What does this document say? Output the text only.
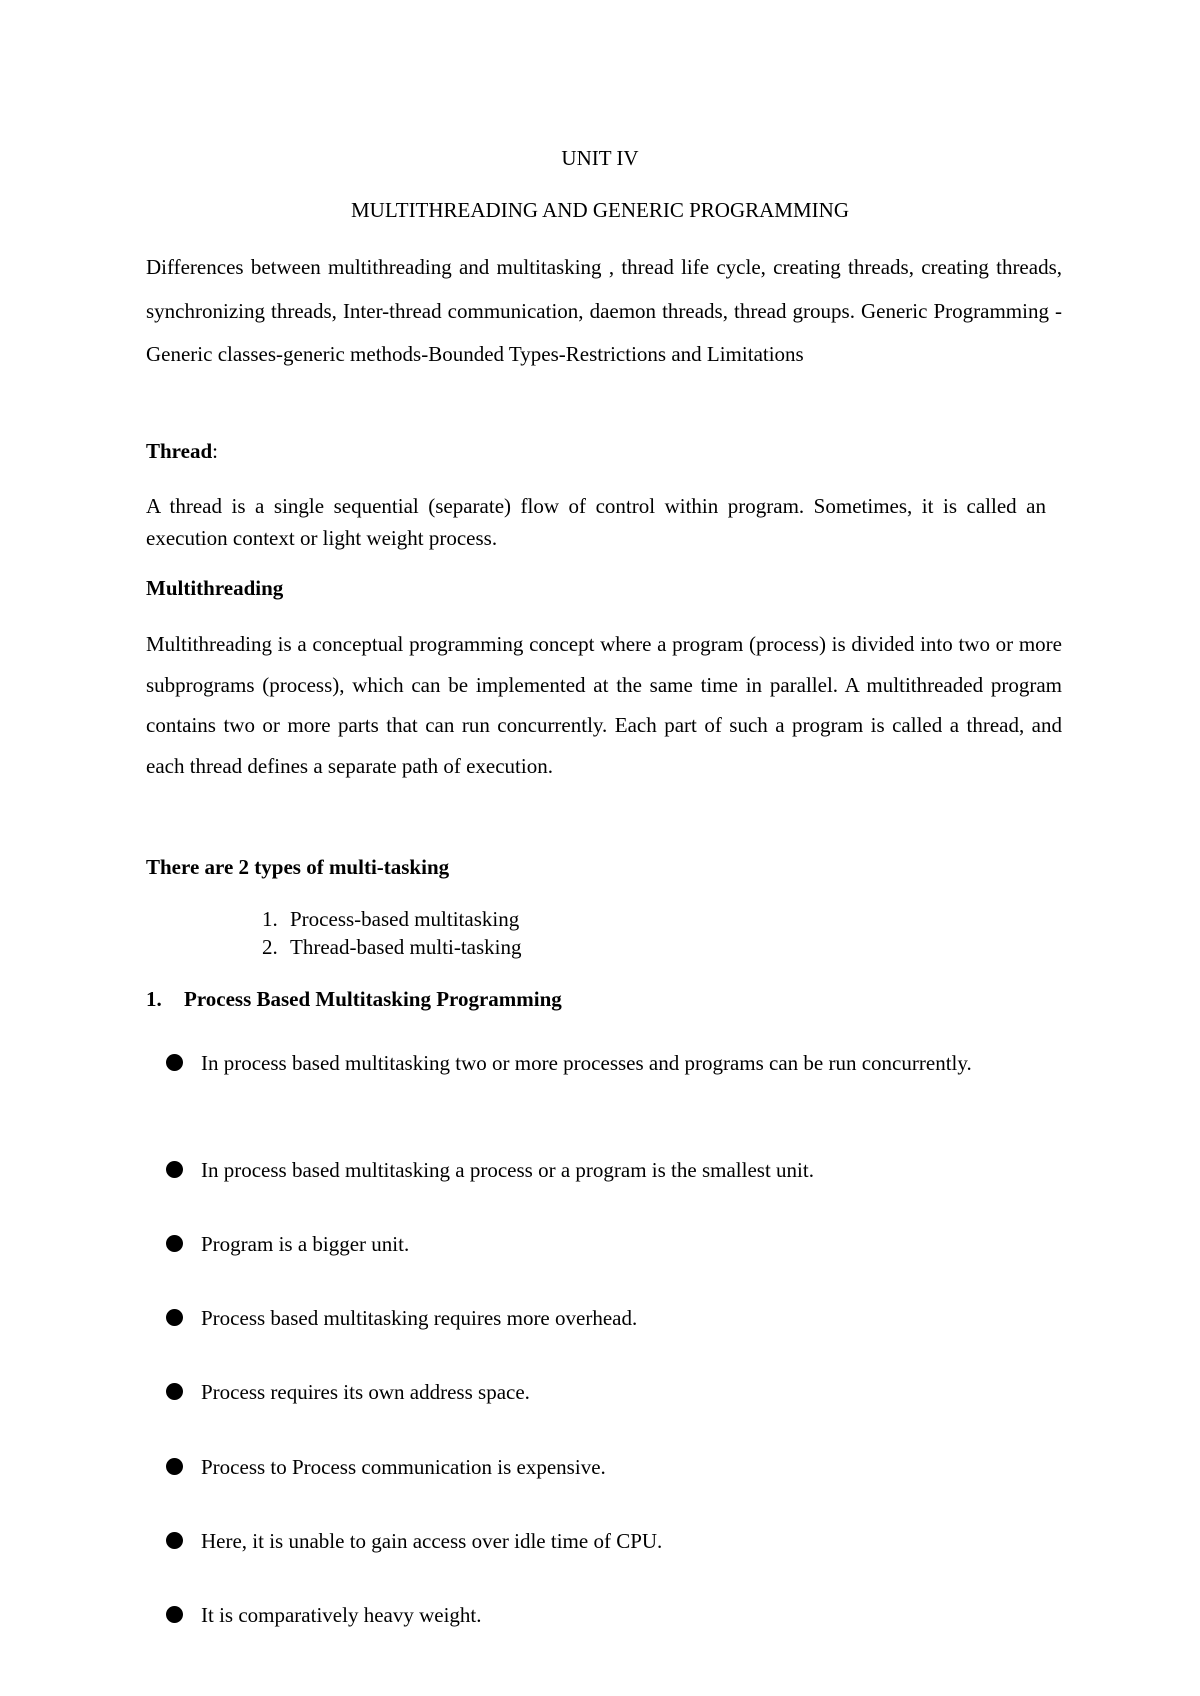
UNIT IV
MULTITHREADING AND GENERIC PROGRAMMING
Differences between multithreading and multitasking , thread life cycle, creating threads, creating threads, synchronizing threads, Inter-thread communication, daemon threads, thread groups. Generic Programming - Generic classes-generic methods-Bounded Types-Restrictions and Limitations
Thread:
A thread is a single sequential (separate) flow of control within program. Sometimes, it is called an execution context or light weight process.
Multithreading
Multithreading is a conceptual programming concept where a program (process) is divided into two or more subprograms (process), which can be implemented at the same time in parallel. A multithreaded program contains two or more parts that can run concurrently. Each part of such a program is called a thread, and each thread defines a separate path of execution.
There are 2 types of multi-tasking
1. Process-based multitasking
2. Thread-based multi-tasking
1. Process Based Multitasking Programming
In process based multitasking two or more processes and programs can be run concurrently.
In process based multitasking a process or a program is the smallest unit.
Program is a bigger unit.
Process based multitasking requires more overhead.
Process requires its own address space.
Process to Process communication is expensive.
Here, it is unable to gain access over idle time of CPU.
It is comparatively heavy weight.
